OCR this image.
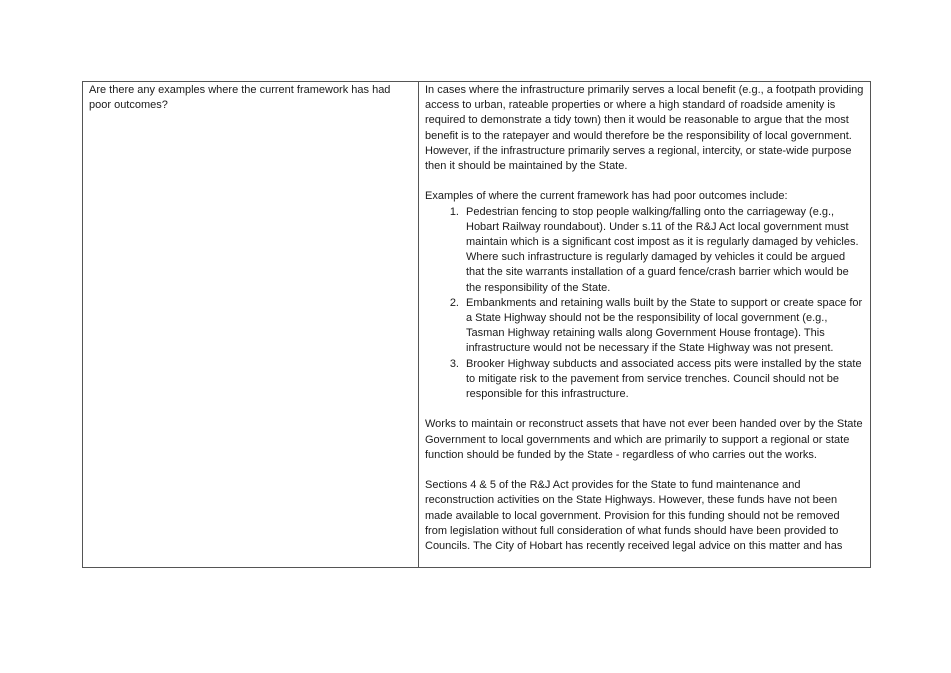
Are there any examples where the current framework has had poor outcomes?

In cases where the infrastructure primarily serves a local benefit (e.g., a footpath providing access to urban, rateable properties or where a high standard of roadside amenity is required to demonstrate a tidy town) then it would be reasonable to argue that the most benefit is to the ratepayer and would therefore be the responsibility of local government. However, if the infrastructure primarily serves a regional, intercity, or state-wide purpose then it should be maintained by the State.

Examples of where the current framework has had poor outcomes include:

1. Pedestrian fencing to stop people walking/falling onto the carriageway (e.g., Hobart Railway roundabout). Under s.11 of the R&J Act local government must maintain which is a significant cost impost as it is regularly damaged by vehicles. Where such infrastructure is regularly damaged by vehicles it could be argued that the site warrants installation of a guard fence/crash barrier which would be the responsibility of the State.
2. Embankments and retaining walls built by the State to support or create space for a State Highway should not be the responsibility of local government (e.g., Tasman Highway retaining walls along Government House frontage). This infrastructure would not be necessary if the State Highway was not present.
3. Brooker Highway subducts and associated access pits were installed by the state to mitigate risk to the pavement from service trenches. Council should not be responsible for this infrastructure.

Works to maintain or reconstruct assets that have not ever been handed over by the State Government to local governments and which are primarily to support a regional or state function should be funded by the State - regardless of who carries out the works.

Sections 4 & 5 of the R&J Act provides for the State to fund maintenance and reconstruction activities on the State Highways. However, these funds have not been made available to local government. Provision for this funding should not be removed from legislation without full consideration of what funds should have been provided to Councils. The City of Hobart has recently received legal advice on this matter and has
